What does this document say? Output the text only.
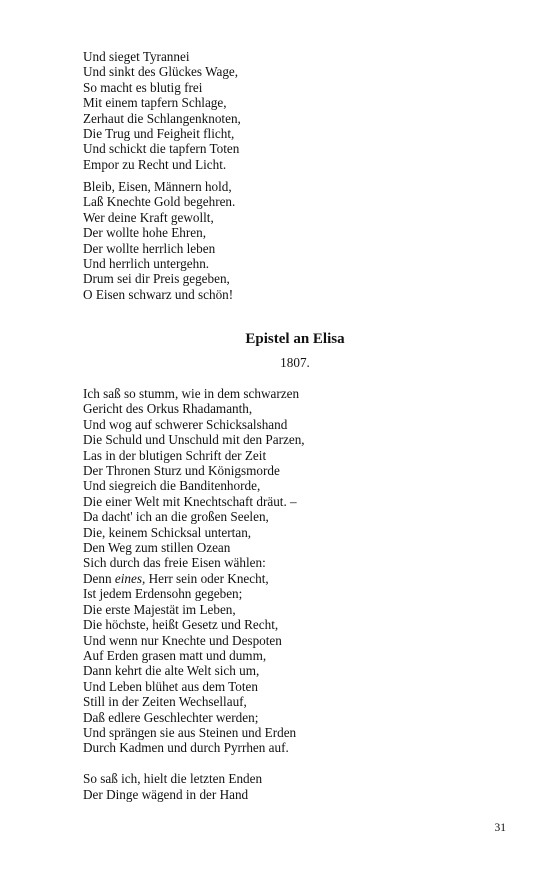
Und sieget Tyrannei
Und sinkt des Glückes Wage,
So macht es blutig frei
Mit einem tapfern Schlage,
Zerhaut die Schlangenknoten,
Die Trug und Feigheit flicht,
Und schickt die tapfern Toten
Empor zu Recht und Licht.
Bleib, Eisen, Männern hold,
Laß Knechte Gold begehren.
Wer deine Kraft gewollt,
Der wollte hohe Ehren,
Der wollte herrlich leben
Und herrlich untergehn.
Drum sei dir Preis gegeben,
O Eisen schwarz und schön!
Epistel an Elisa
1807.
Ich saß so stumm, wie in dem schwarzen
Gericht des Orkus Rhadamanth,
Und wog auf schwerer Schicksalshand
Die Schuld und Unschuld mit den Parzen,
Las in der blutigen Schrift der Zeit
Der Thronen Sturz und Königsmorde
Und siegreich die Banditenhorde,
Die einer Welt mit Knechtschaft dräut. –
Da dacht' ich an die großen Seelen,
Die, keinem Schicksal untertan,
Den Weg zum stillen Ozean
Sich durch das freie Eisen wählen:
Denn eines, Herr sein oder Knecht,
Ist jedem Erdensohn gegeben;
Die erste Majestät im Leben,
Die höchste, heißt Gesetz und Recht,
Und wenn nur Knechte und Despoten
Auf Erden grasen matt und dumm,
Dann kehrt die alte Welt sich um,
Und Leben blühet aus dem Toten
Still in der Zeiten Wechsellauf,
Daß edlere Geschlechter werden;
Und sprängen sie aus Steinen und Erden
Durch Kadmen und durch Pyrrhen auf.
So saß ich, hielt die letzten Enden
Der Dinge wägend in der Hand
31
